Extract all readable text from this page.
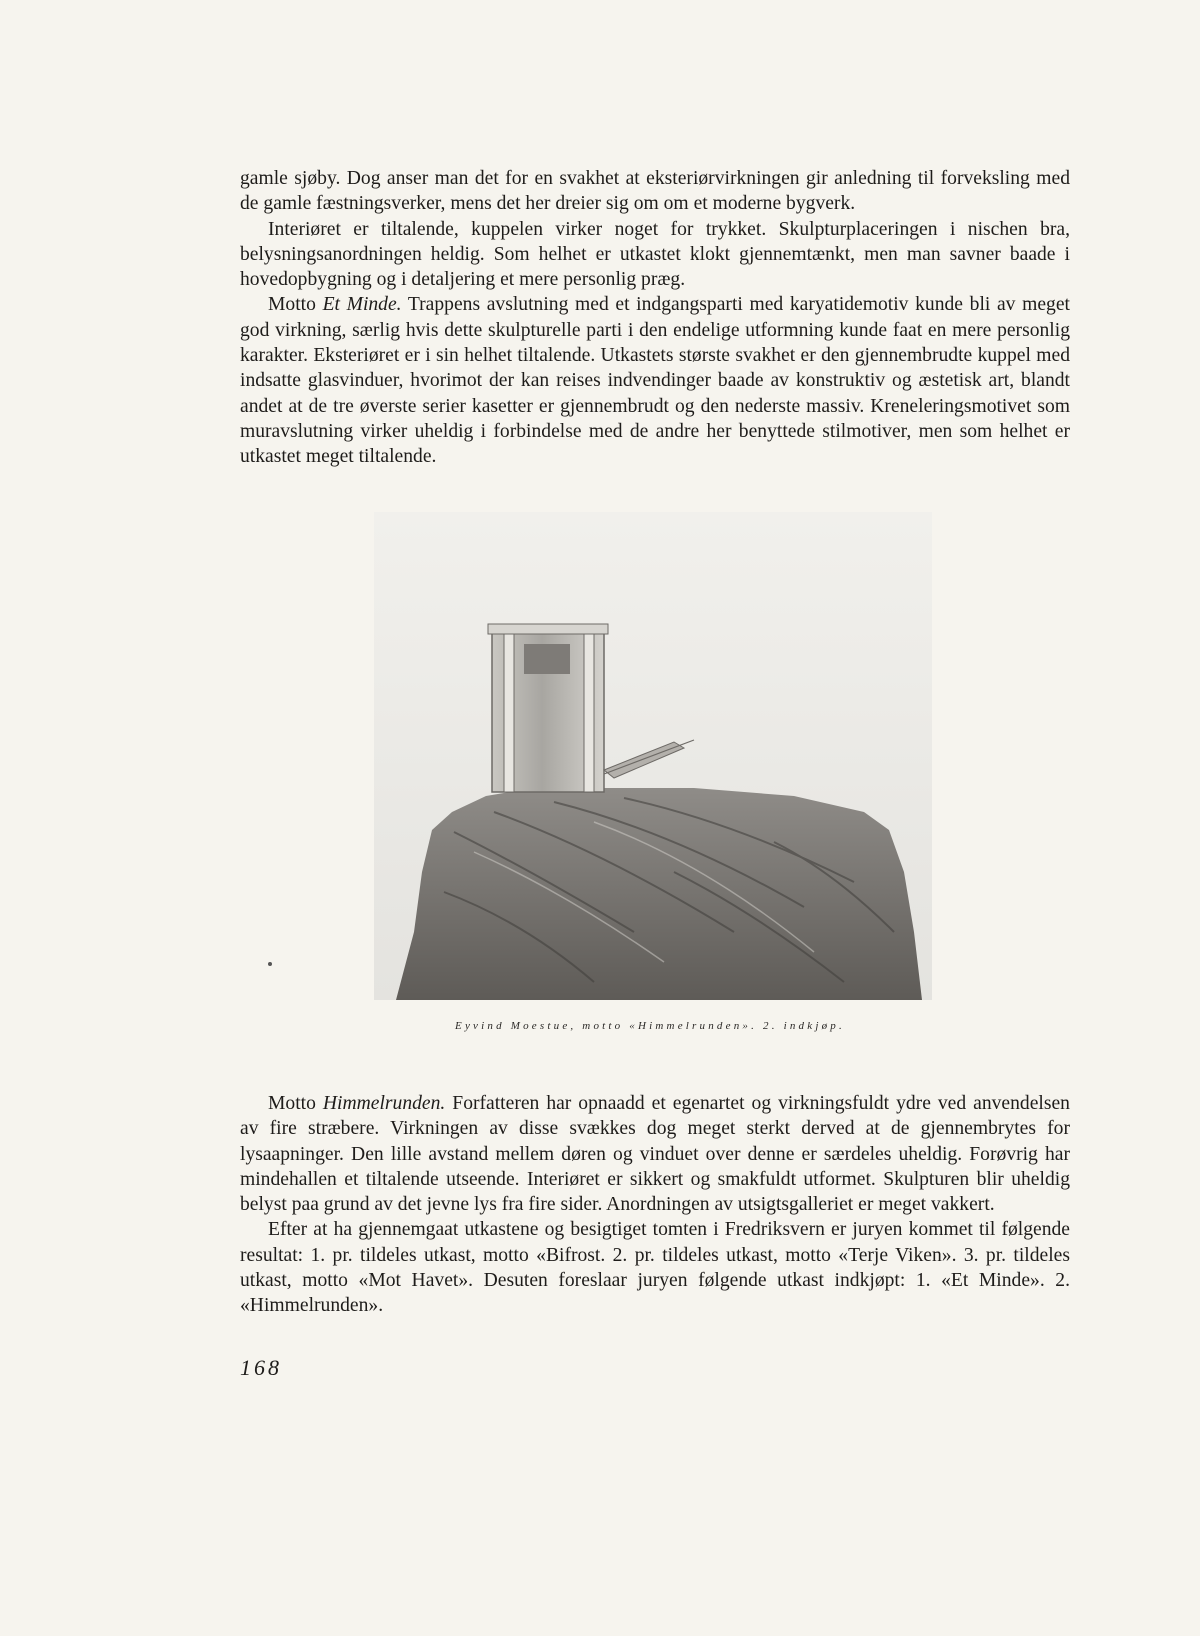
gamle sjøby. Dog anser man det for en svakhet at eksteriørvirkningen gir anledning til forveksling med de gamle fæstningsverker, mens det her dreier sig om om et moderne bygverk.

Interiøret er tiltalende, kuppelen virker noget for trykket. Skulpturplaceringen i nischen bra, belysningsanordningen heldig. Som helhet er utkastet klokt gjennemtænkt, men man savner baade i hovedopbygning og i detaljering et mere personlig præg.

Motto Et Minde. Trappens avslutning med et indgangsparti med karyatidemotiv kunde bli av meget god virkning, særlig hvis dette skulpturelle parti i den endelige utformning kunde faat en mere personlig karakter. Eksteriøret er i sin helhet tiltalende. Utkastets største svakhet er den gjennembrudte kuppel med indsatte glasvinduer, hvorimot der kan reises indvendinger baade av konstruktiv og æstetisk art, blandt andet at de tre øverste serier kasetter er gjennembrudt og den nederste massiv. Kreneleringsmotivet som muravslutning virker uheldig i forbindelse med de andre her benyttede stilmotiver, men som helhet er utkastet meget tiltalende.

Eyvind Moestue, motto «Himmelrunden». 2. indkjøp.

Motto Himmelrunden. Forfatteren har opnaadd et egenartet og virkningsfuldt ydre ved anvendelsen av fire stræbere. Virkningen av disse svækkes dog meget sterkt derved at de gjennembrytes for lysaapninger. Den lille avstand mellem døren og vinduet over denne er særdeles uheldig. Forøvrig har mindehallen et tiltalende utseende. Interiøret er sikkert og smakfuldt utformet. Skulpturen blir uheldig belyst paa grund av det jevne lys fra fire sider. Anordningen av utsigtsgalleriet er meget vakkert.

Efter at ha gjennemgaat utkastene og besigtiget tomten i Fredriksvern er juryen kommet til følgende resultat: 1. pr. tildeles utkast, motto «Bifrost. 2. pr. tildeles utkast, motto «Terje Viken». 3. pr. tildeles utkast, motto «Mot Havet». Desuten foreslaar juryen følgende utkast indkjøpt: 1. «Et Minde». 2. «Himmelrunden».

168
